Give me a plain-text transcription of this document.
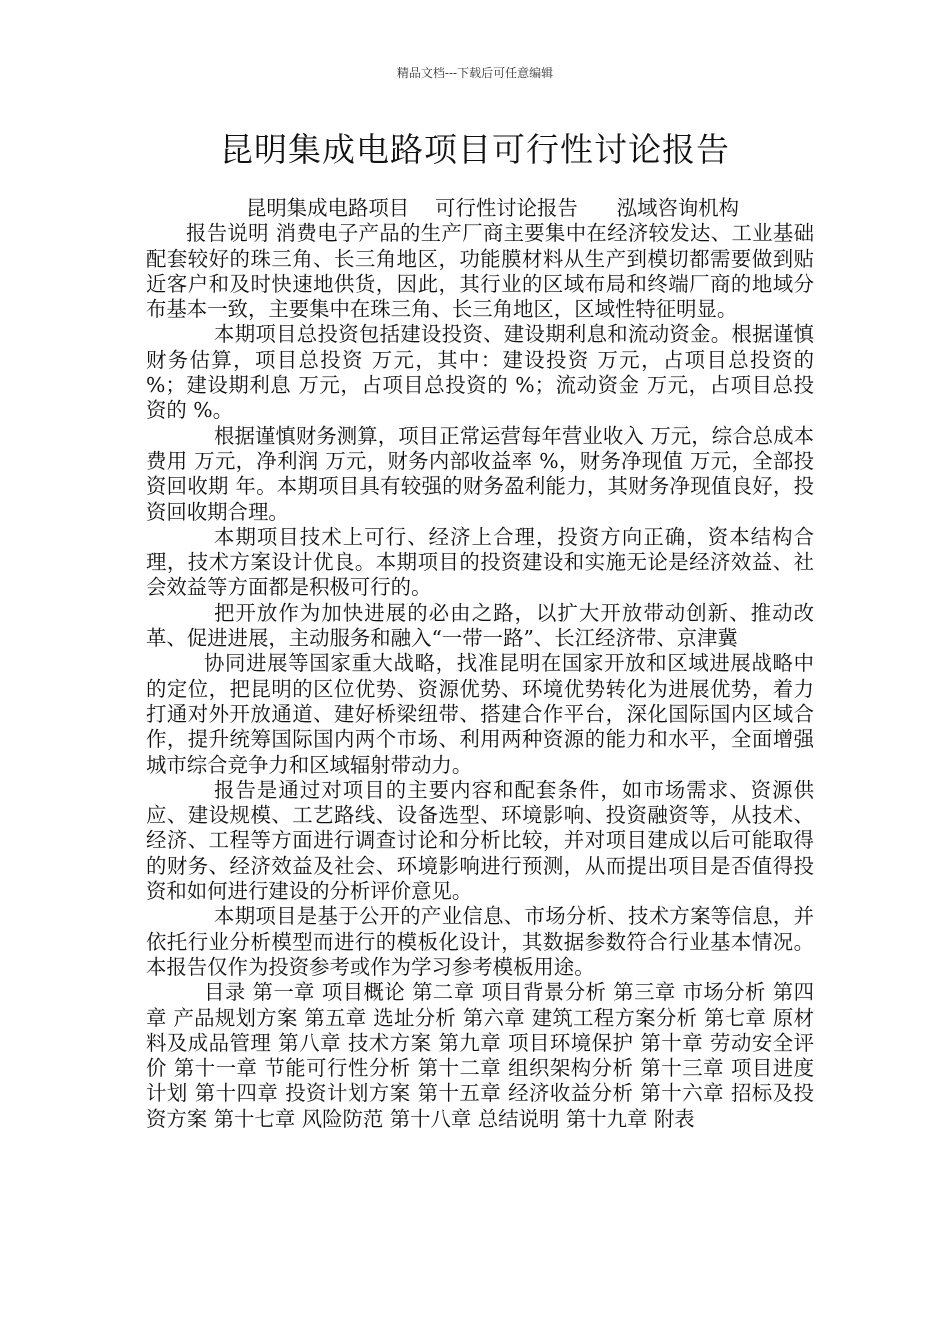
精品文档---下载后可任意编辑
昆明集成电路项目可行性讨论报告

昆明集成电路项目    可行性讨论报告      泓域咨询机构

报告说明 消费电子产品的生产厂商主要集中在经济较发达、工业基础配套较好的珠三角、长三角地区，功能膜材料从生产到模切都需要做到贴近客户和及时快速地供货，因此，其行业的区域布局和终端厂商的地域分布基本一致，主要集中在珠三角、长三角地区，区域性特征明显。

本期项目总投资包括建设投资、建设期利息和流动资金。根据谨慎财务估算，项目总投资 万元，其中：建设投资 万元，占项目总投资的 %；建设期利息 万元，占项目总投资的 %；流动资金 万元，占项目总投资的 %。

根据谨慎财务测算，项目正常运营每年营业收入 万元，综合总成本费用 万元，净利润 万元，财务内部收益率 %，财务净现值 万元，全部投资回收期 年。本期项目具有较强的财务盈利能力，其财务净现值良好，投资回收期合理。

本期项目技术上可行、经济上合理，投资方向正确，资本结构合理，技术方案设计优良。本期项目的投资建设和实施无论是经济效益、社会效益等方面都是积极可行的。

把开放作为加快进展的必由之路，以扩大开放带动创新、推动改革、促进进展，主动服务和融入“一带一路”、长江经济带、京津冀

协同进展等国家重大战略，找准昆明在国家开放和区域进展战略中的定位，把昆明的区位优势、资源优势、环境优势转化为进展优势，着力打通对外开放通道、建好桥梁纽带、搭建合作平台，深化国际国内区域合作，提升统筹国际国内两个市场、利用两种资源的能力和水平，全面增强城市综合竞争力和区域辐射带动力。

报告是通过对项目的主要内容和配套条件，如市场需求、资源供应、建设规模、工艺路线、设备选型、环境影响、投资融资等，从技术、经济、工程等方面进行调查讨论和分析比较，并对项目建成以后可能取得的财务、经济效益及社会、环境影响进行预测，从而提出项目是否值得投资和如何进行建设的分析评价意见。

本期项目是基于公开的产业信息、市场分析、技术方案等信息，并依托行业分析模型而进行的模板化设计，其数据参数符合行业基本情况。本报告仅作为投资参考或作为学习参考模板用途。

目录 第一章 项目概论 第二章 项目背景分析 第三章 市场分析 第四章 产品规划方案 第五章 选址分析 第六章 建筑工程方案分析 第七章 原材料及成品管理 第八章 技术方案 第九章 项目环境保护 第十章 劳动安全评价 第十一章 节能可行性分析 第十二章 组织架构分析 第十三章 项目进度计划 第十四章 投资计划方案 第十五章 经济收益分析 第十六章 招标及投资方案 第十七章 风险防范 第十八章 总结说明 第十九章 附表
